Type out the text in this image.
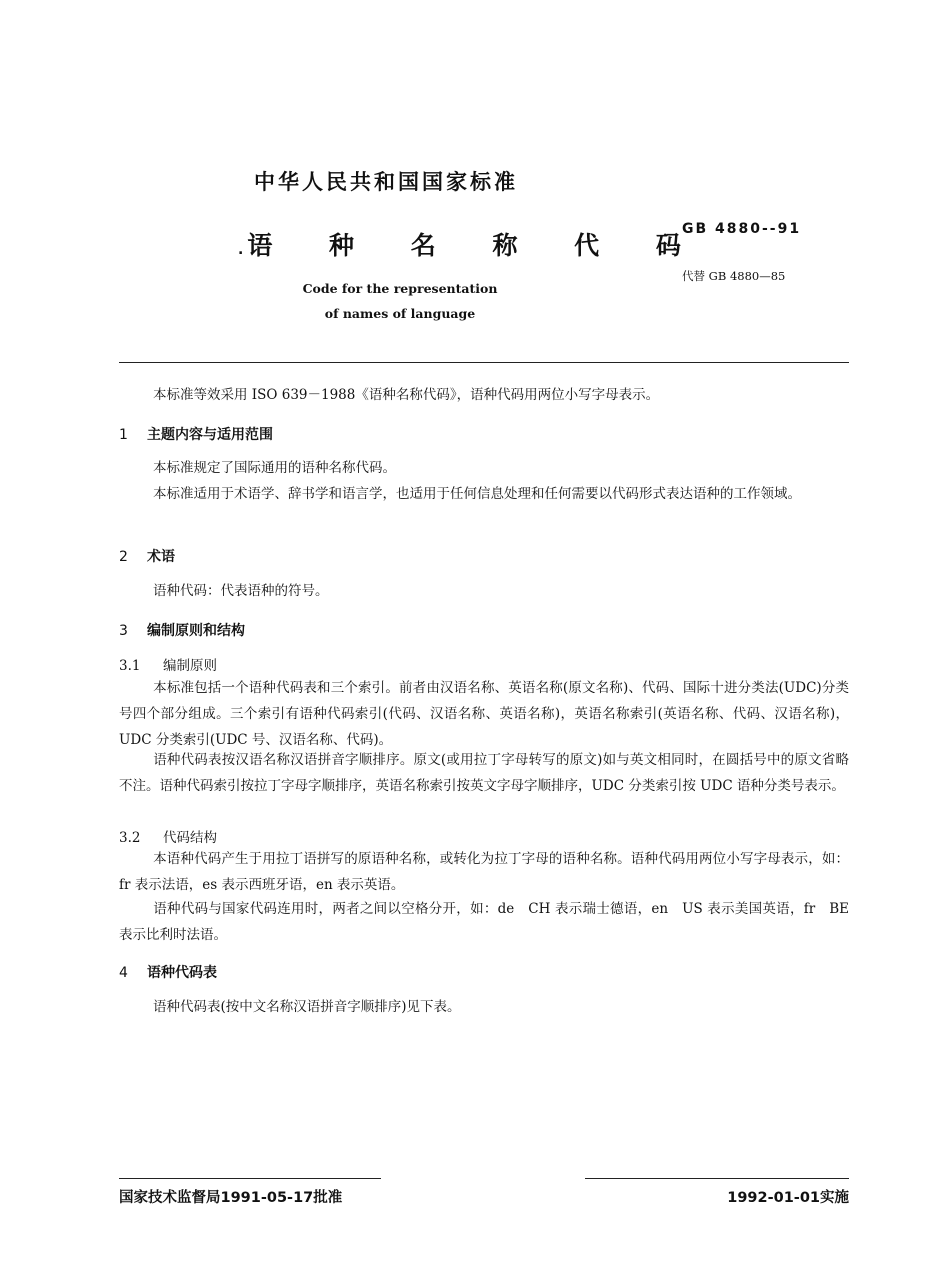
中华人民共和国国家标准
. 语 种 名 称 代 码
Code for the representation
of names of language
GB 4880--91
代替 GB 4880—85
本标准等效采用 ISO 639－1988《语种名称代码》，语种代码用两位小写字母表示。
1 主题内容与适用范围
本标准规定了国际通用的语种名称代码。
本标准适用于术语学、辞书学和语言学，也适用于任何信息处理和任何需要以代码形式表达语种的工作领域。
2 术语
语种代码：代表语种的符号。
3 编制原则和结构
3.1 编制原则
本标准包括一个语种代码表和三个索引。前者由汉语名称、英语名称(原文名称)、代码、国际十进分类法(UDC)分类号四个部分组成。三个索引有语种代码索引(代码、汉语名称、英语名称)，英语名称索引(英语名称、代码、汉语名称)，UDC 分类索引(UDC 号、汉语名称、代码)。
语种代码表按汉语名称汉语拼音字顺排序。原文(或用拉丁字母转写的原文)如与英文相同时，在圆括号中的原文省略不注。语种代码索引按拉丁字母字顺排序，英语名称索引按英文字母字顺排序，UDC 分类索引按 UDC 语种分类号表示。
3.2 代码结构
本语种代码产生于用拉丁语拼写的原语种名称，或转化为拉丁字母的语种名称。语种代码用两位小写字母表示，如：fr 表示法语，es 表示西班牙语，en 表示英语。
语种代码与国家代码连用时，两者之间以空格分开，如：de　CH 表示瑞士德语，en　US 表示美国英语，fr　BE 表示比利时法语。
4 语种代码表
语种代码表(按中文名称汉语拼音字顺排序)见下表。
国家技术监督局1991-05-17批准	1992-01-01实施
